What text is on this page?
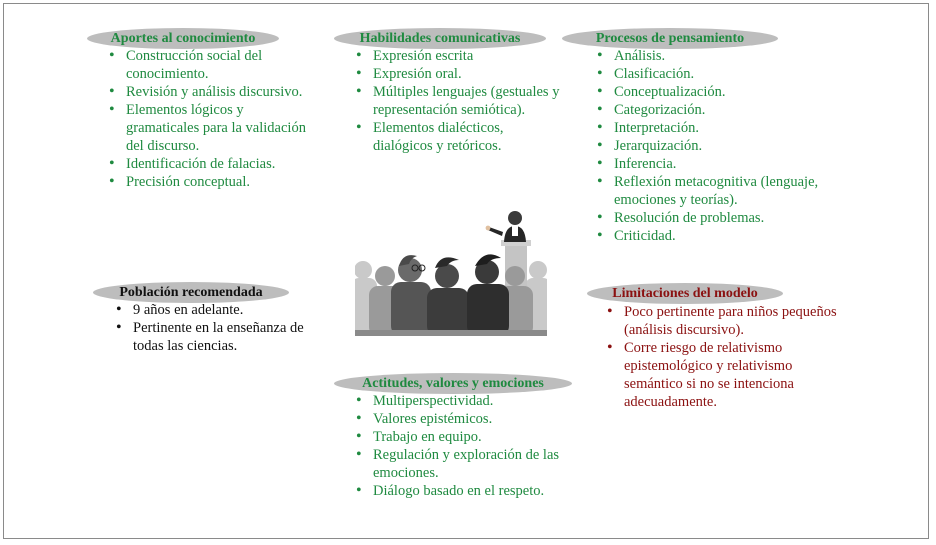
Aportes al conocimiento
• Construcción social del conocimiento.
• Revisión y análisis discursivo.
• Elementos lógicos y gramaticales para la validación del discurso.
• Identificación de falacias.
• Precisión conceptual.
Habilidades comunicativas
• Expresión escrita
• Expresión oral.
• Múltiples lenguajes (gestuales y representación semiótica).
• Elementos dialécticos, dialógicos y retóricos.
Procesos de pensamiento
• Análisis.
• Clasificación.
• Conceptualización.
• Categorización.
• Interpretación.
• Jerarquización.
• Inferencia.
• Reflexión metacognitiva (lenguaje, emociones y teorías).
• Resolución de problemas.
• Criticidad.
Población recomendada
• 9 años en adelante.
• Pertinente en la enseñanza de todas las ciencias.
Limitaciones del modelo
• Poco pertinente para niños pequeños (análisis discursivo).
• Corre riesgo de relativismo epistemológico y relativismo semántico si no se intenciona adecuadamente.
Actitudes, valores y emociones
• Multiperspectividad.
• Valores epistémicos.
• Trabajo en equipo.
• Regulación y exploración de las emociones.
• Diálogo basado en el respeto.
